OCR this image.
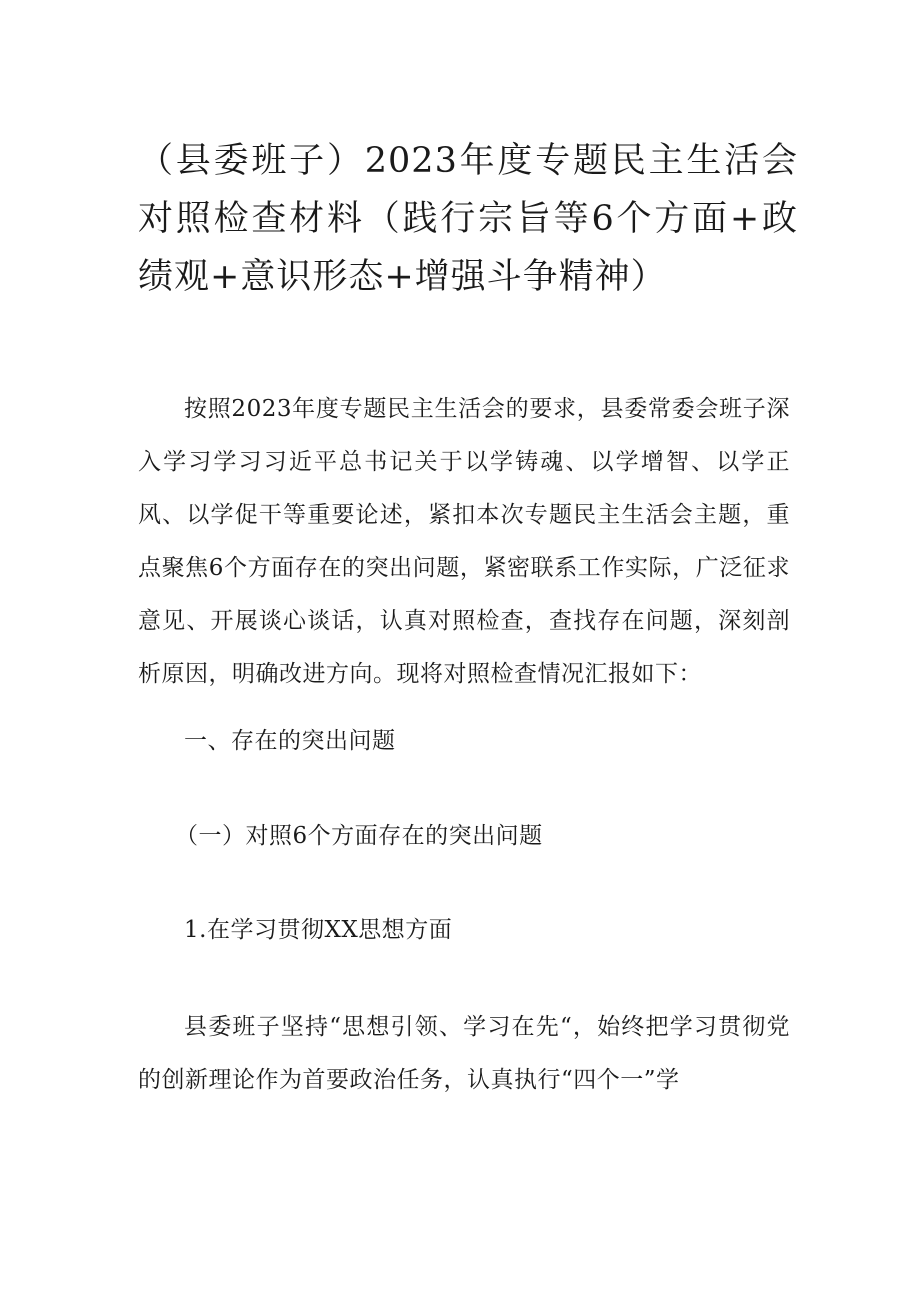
（县委班子）2023年度专题民主生活会对照检查材料（践行宗旨等6个方面+政绩观+意识形态+增强斗争精神）

按照2023年度专题民主生活会的要求，县委常委会班子深入学习学习习近平总书记关于以学铸魂、以学增智、以学正风、以学促干等重要论述，紧扣本次专题民主生活会主题，重点聚焦6个方面存在的突出问题，紧密联系工作实际，广泛征求意见、开展谈心谈话，认真对照检查，查找存在问题，深刻剖析原因，明确改进方向。现将对照检查情况汇报如下：

一、存在的突出问题
（一）对照6个方面存在的突出问题
1.在学习贯彻XX思想方面

县委班子坚持“思想引领、学习在先“，始终把学习贯彻党的创新理论作为首要政治任务，认真执行“四个一”学
